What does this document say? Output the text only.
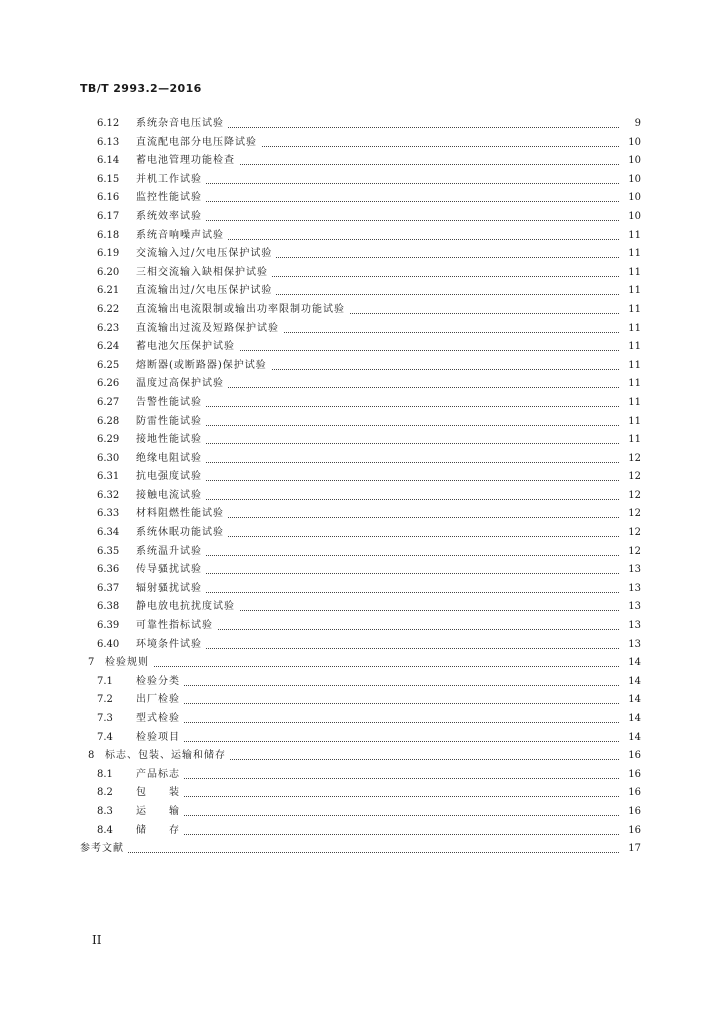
TB/T 2993.2—2016
6.12 系统杂音电压试验	9
6.13 直流配电部分电压降试验	10
6.14 蓄电池管理功能检查	10
6.15 并机工作试验	10
6.16 监控性能试验	10
6.17 系统效率试验	10
6.18 系统音响噪声试验	11
6.19 交流输入过/欠电压保护试验	11
6.20 三相交流输入缺相保护试验	11
6.21 直流输出过/欠电压保护试验	11
6.22 直流输出电流限制或输出功率限制功能试验	11
6.23 直流输出过流及短路保护试验	11
6.24 蓄电池欠压保护试验	11
6.25 熔断器(或断路器)保护试验	11
6.26 温度过高保护试验	11
6.27 告警性能试验	11
6.28 防雷性能试验	11
6.29 接地性能试验	11
6.30 绝缘电阻试验	12
6.31 抗电强度试验	12
6.32 接触电流试验	12
6.33 材料阻燃性能试验	12
6.34 系统休眠功能试验	12
6.35 系统温升试验	12
6.36 传导骚扰试验	13
6.37 辐射骚扰试验	13
6.38 静电放电抗扰度试验	13
6.39 可靠性指标试验	13
6.40 环境条件试验	13
7 检验规则	14
7.1 检验分类	14
7.2 出厂检验	14
7.3 型式检验	14
7.4 检验项目	14
8 标志、包装、运输和储存	16
8.1 产品标志	16
8.2 包　　装	16
8.3 运　　输	16
8.4 储　　存	16
参考文献	17
II
